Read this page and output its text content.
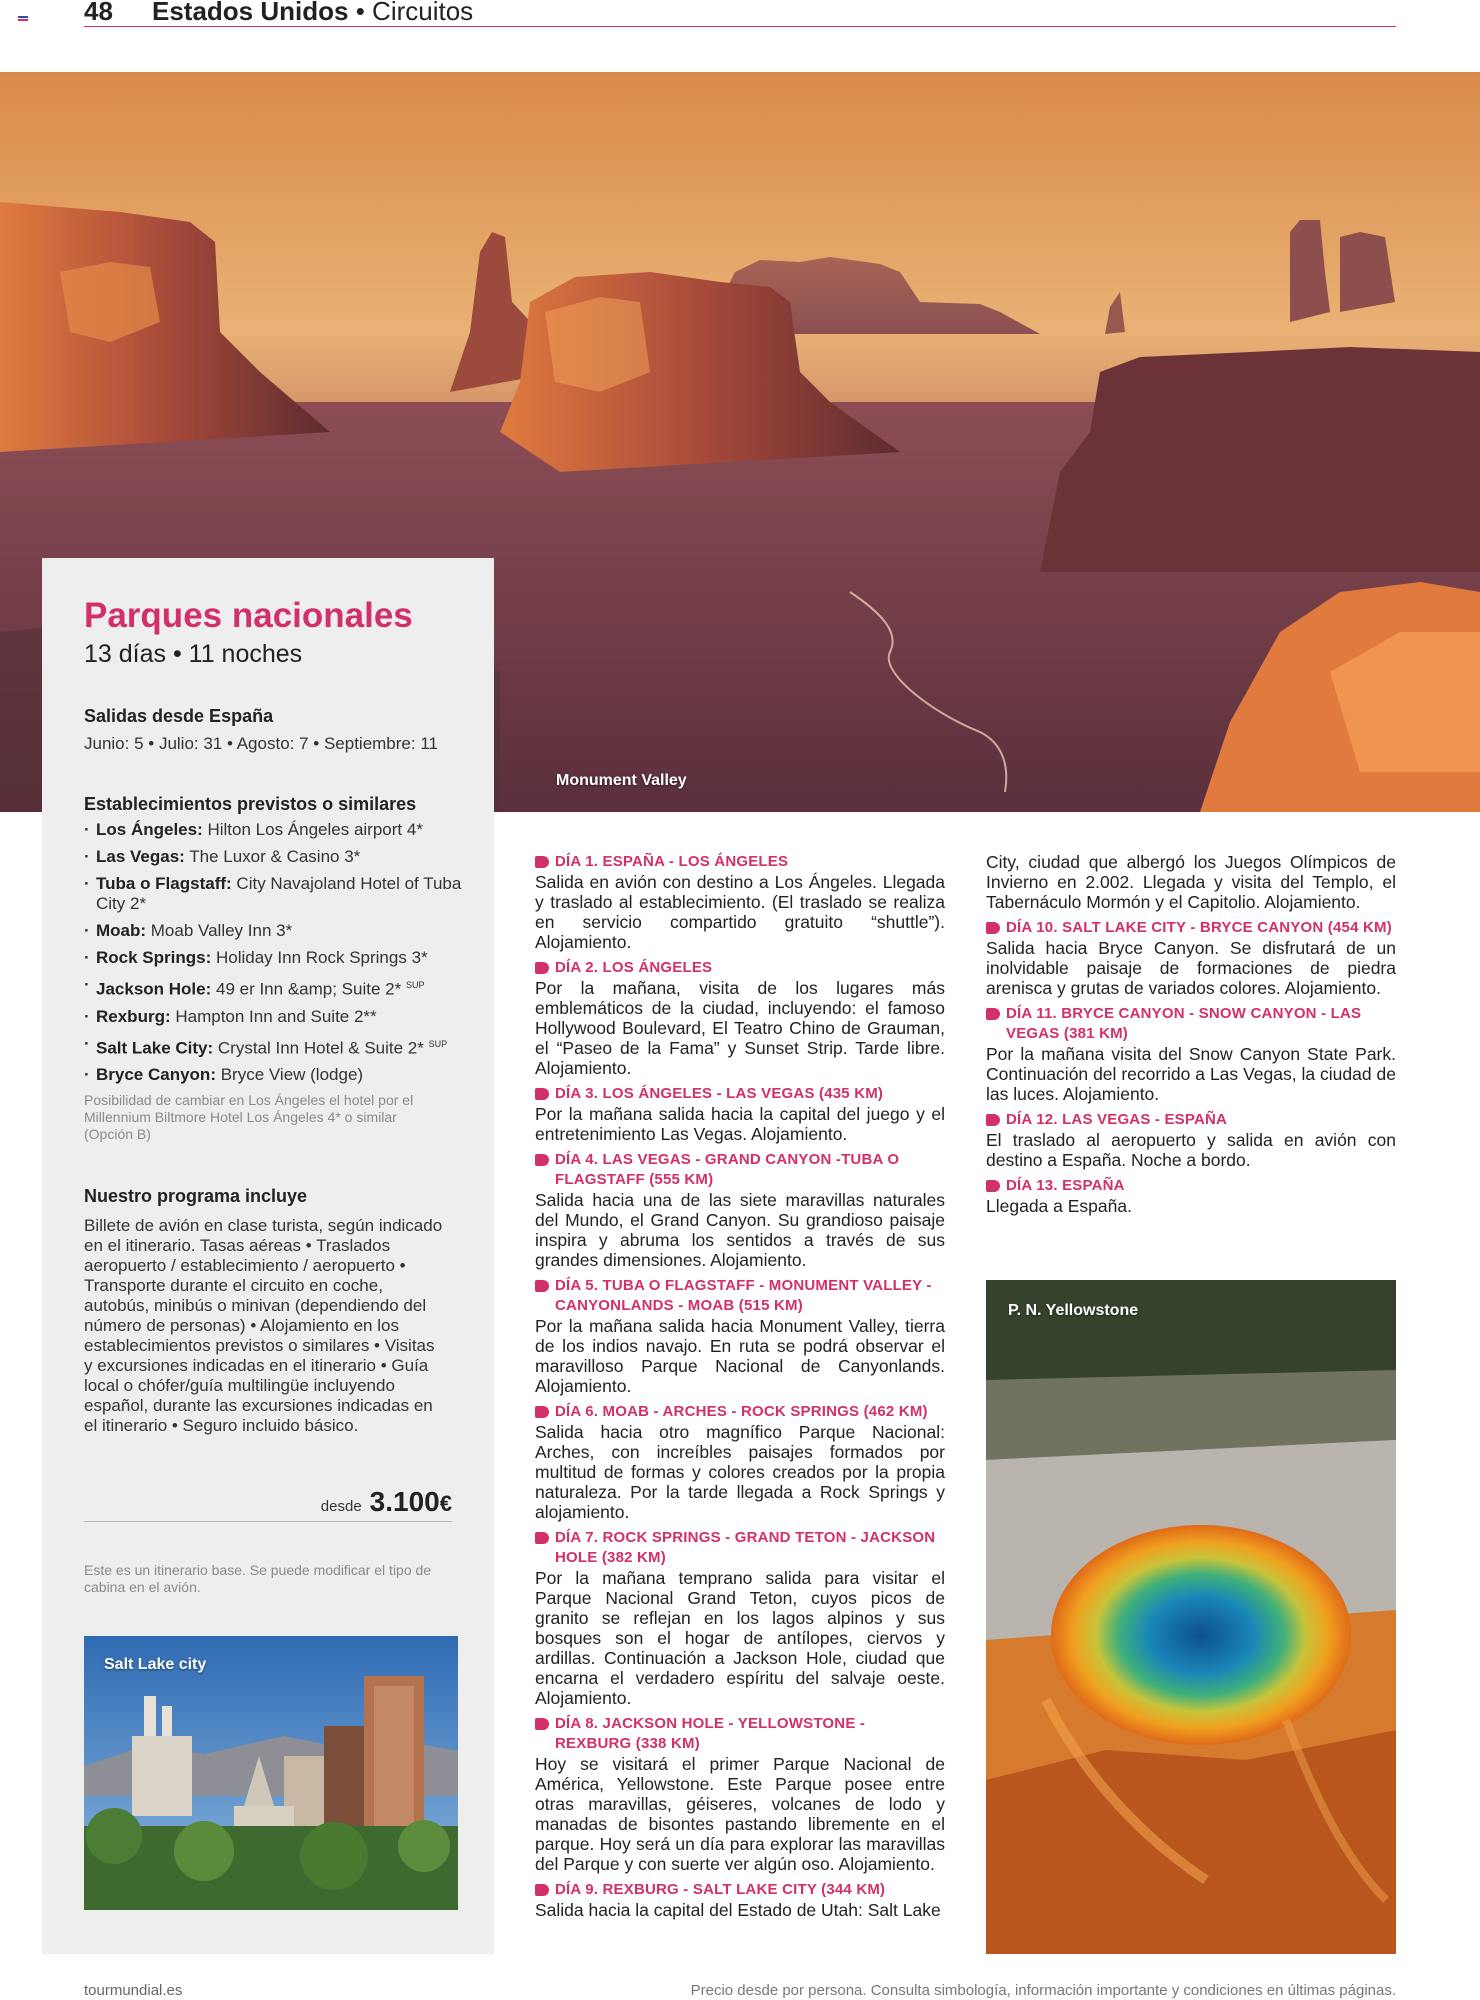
48 Estados Unidos • Circuitos
Monument Valley
Parques nacionales
13 días • 11 noches
Salidas desde España
Junio: 5 • Julio: 31 • Agosto: 7 • Septiembre: 11
Establecimientos previstos o similares
· Los Ángeles: Hilton Los Ángeles airport 4*
· Las Vegas: The Luxor & Casino 3*
· Tuba o Flagstaff: City Navajoland Hotel of Tuba City 2*
· Moab: Moab Valley Inn 3*
· Rock Springs: Holiday Inn Rock Springs 3*
· Jackson Hole: 49 er Inn &amp; Suite 2* $^{SUP}$
· Rexburg: Hampton Inn and Suite 2**
· Salt Lake City: Crystal Inn Hotel & Suite 2* $^{SUP}$
· Bryce Canyon: Bryce View (lodge)
Posibilidad de cambiar en Los Ángeles el hotel por el Millennium Biltmore Hotel Los Ángeles 4* o similar (Opción B)
Nuestro programa incluye
Billete de avión en clase turista, según indicado en el itinerario. Tasas aéreas • Traslados aeropuerto / establecimiento / aeropuerto • Transporte durante el circuito en coche, autobús, minibús o minivan (dependiendo del número de personas) • Alojamiento en los establecimientos previstos o similares • Visitas y excursiones indicadas en el itinerario • Guía local o chófer/guía multilingüe incluyendo español, durante las excursiones indicadas en el itinerario • Seguro incluido básico.
desde 3.100€
Este es un itinerario base. Se puede modificar el tipo de cabina en el avión.
Salt Lake city
DÍA 1. ESPAÑA - LOS ÁNGELES
Salida en avión con destino a Los Ángeles. Llegada y traslado al establecimiento. (El traslado se realiza en servicio compartido gratuito “shuttle”). Alojamiento.
DÍA 2. LOS ÁNGELES
Por la mañana, visita de los lugares más emblemáticos de la ciudad, incluyendo: el famoso Hollywood Boulevard, El Teatro Chino de Grauman, el “Paseo de la Fama” y Sunset Strip. Tarde libre. Alojamiento.
DÍA 3. LOS ÁNGELES - LAS VEGAS (435 KM)
Por la mañana salida hacia la capital del juego y el entretenimiento Las Vegas. Alojamiento.
DÍA 4. LAS VEGAS - GRAND CANYON -TUBA O FLAGSTAFF (555 KM)
Salida hacia una de las siete maravillas naturales del Mundo, el Grand Canyon. Su grandioso paisaje inspira y abruma los sentidos a través de sus grandes dimensiones. Alojamiento.
DÍA 5. TUBA O FLAGSTAFF - MONUMENT VALLEY - CANYONLANDS - MOAB (515 KM)
Por la mañana salida hacia Monument Valley, tierra de los indios navajo. En ruta se podrá observar el maravilloso Parque Nacional de Canyonlands. Alojamiento.
DÍA 6. MOAB - ARCHES - ROCK SPRINGS (462 KM)
Salida hacia otro magnífico Parque Nacional: Arches, con increíbles paisajes formados por multitud de formas y colores creados por la propia naturaleza. Por la tarde llegada a Rock Springs y alojamiento.
DÍA 7. ROCK SPRINGS - GRAND TETON - JACKSON HOLE (382 KM)
Por la mañana temprano salida para visitar el Parque Nacional Grand Teton, cuyos picos de granito se reflejan en los lagos alpinos y sus bosques son el hogar de antílopes, ciervos y ardillas. Continuación a Jackson Hole, ciudad que encarna el verdadero espíritu del salvaje oeste. Alojamiento.
DÍA 8. JACKSON HOLE - YELLOWSTONE - REXBURG (338 KM)
Hoy se visitará el primer Parque Nacional de América, Yellowstone. Este Parque posee entre otras maravillas, géiseres, volcanes de lodo y manadas de bisontes pastando libremente en el parque. Hoy será un día para explorar las maravillas del Parque y con suerte ver algún oso. Alojamiento.
DÍA 9. REXBURG - SALT LAKE CITY (344 KM)
Salida hacia la capital del Estado de Utah: Salt Lake
City, ciudad que albergó los Juegos Olímpicos de Invierno en 2.002. Llegada y visita del Templo, el Tabernáculo Mormón y el Capitolio. Alojamiento.
DÍA 10. SALT LAKE CITY - BRYCE CANYON (454 KM)
Salida hacia Bryce Canyon. Se disfrutará de un inolvidable paisaje de formaciones de piedra arenisca y grutas de variados colores. Alojamiento.
DÍA 11. BRYCE CANYON - SNOW CANYON - LAS VEGAS (381 KM)
Por la mañana visita del Snow Canyon State Park. Continuación del recorrido a Las Vegas, la ciudad de las luces. Alojamiento.
DÍA 12. LAS VEGAS - ESPAÑA
El traslado al aeropuerto y salida en avión con destino a España. Noche a bordo.
DÍA 13. ESPAÑA
Llegada a España.
P. N. Yellowstone
tourmundial.es	Precio desde por persona. Consulta simbología, información importante y condiciones en últimas páginas.
